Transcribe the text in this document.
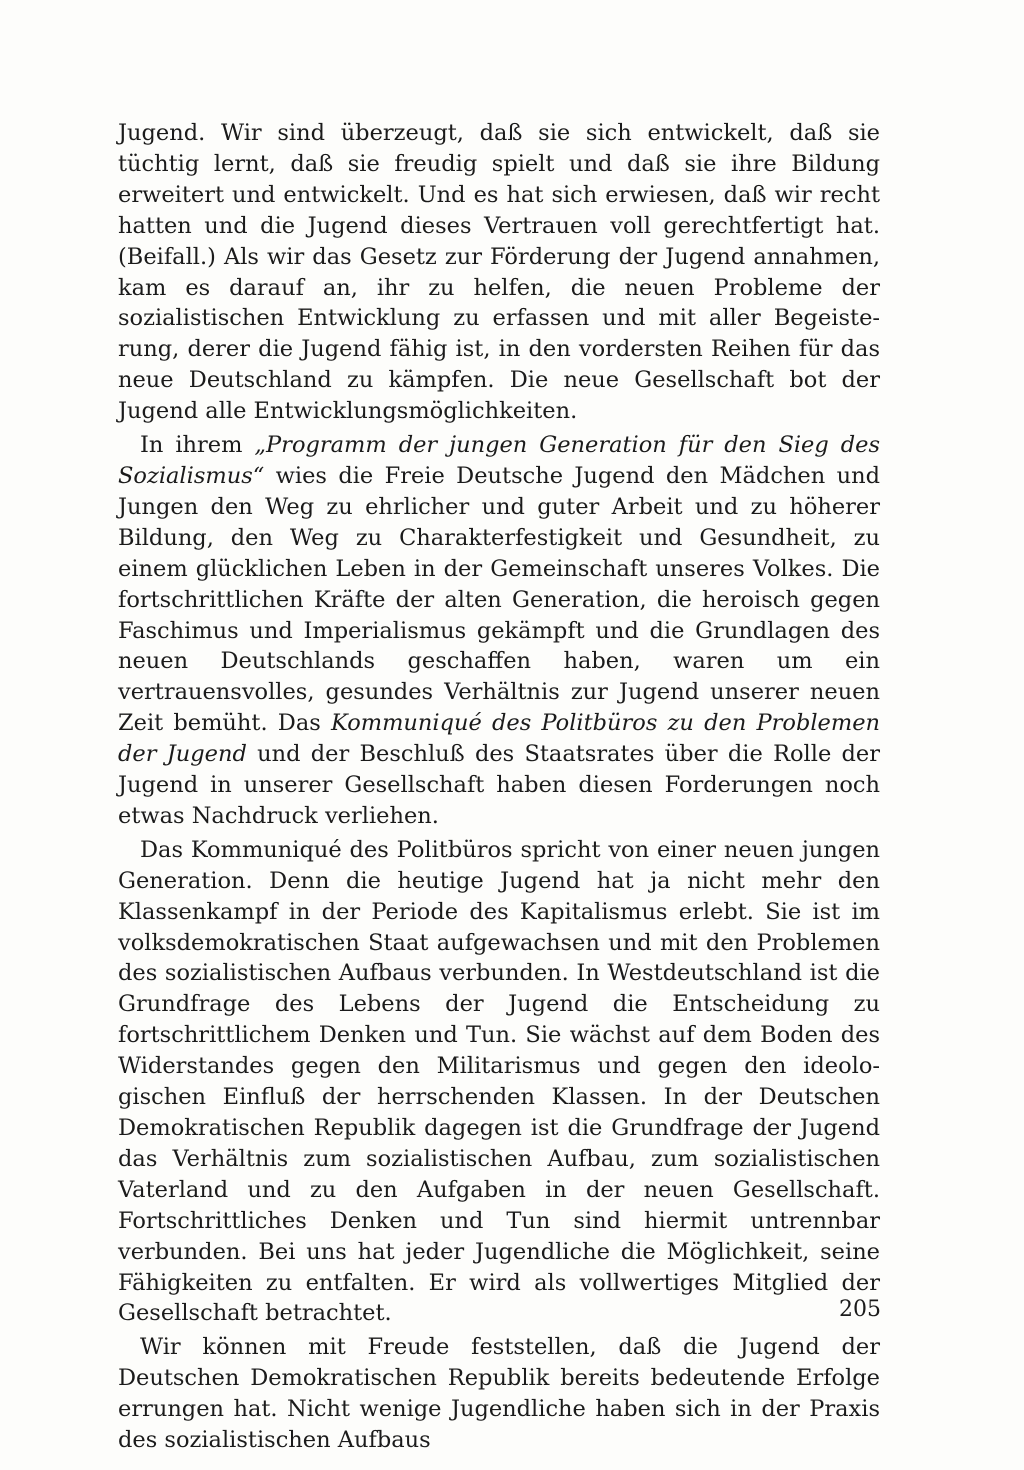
Jugend. Wir sind überzeugt, daß sie sich entwickelt, daß sie tüchtig lernt, daß sie freudig spielt und daß sie ihre Bildung erweitert und entwickelt. Und es hat sich erwiesen, daß wir recht hatten und die Jugend dieses Vertrauen voll gerechtfertigt hat. (Beifall.) Als wir das Gesetz zur Förderung der Jugend annahmen, kam es darauf an, ihr zu helfen, die neuen Probleme der sozialistischen Entwicklung zu erfassen und mit aller Begeisterung, derer die Jugend fähig ist, in den vordersten Reihen für das neue Deutschland zu kämpfen. Die neue Gesellschaft bot der Jugend alle Entwicklungsmöglichkeiten.

In ihrem „Programm der jungen Generation für den Sieg des Sozialismus“ wies die Freie Deutsche Jugend den Mädchen und Jungen den Weg zu ehrlicher und guter Arbeit und zu höherer Bildung, den Weg zu Charakterfestigkeit und Gesundheit, zu einem glücklichen Leben in der Gemeinschaft unseres Volkes. Die fortschrittlichen Kräfte der alten Generation, die heroisch gegen Faschimus und Imperialismus gekämpft und die Grundlagen des neuen Deutschlands geschaffen haben, waren um ein vertrauensvolles, gesundes Verhältnis zur Jugend unserer neuen Zeit bemüht. Das Kommuniqué des Politbüros zu den Problemen der Jugend und der Beschluß des Staatsrates über die Rolle der Jugend in unserer Gesellschaft haben diesen Forderungen noch etwas Nachdruck verliehen.

Das Kommuniqué des Politbüros spricht von einer neuen jungen Generation. Denn die heutige Jugend hat ja nicht mehr den Klassenkampf in der Periode des Kapitalismus erlebt. Sie ist im volksdemokratischen Staat aufgewachsen und mit den Problemen des sozialistischen Aufbaus verbunden. In Westdeutschland ist die Grundfrage des Lebens der Jugend die Entscheidung zu fortschrittlichem Denken und Tun. Sie wächst auf dem Boden des Widerstandes gegen den Militarismus und gegen den ideologischen Einfluß der herrschenden Klassen. In der Deutschen Demokratischen Republik dagegen ist die Grundfrage der Jugend das Verhältnis zum sozialistischen Aufbau, zum sozialistischen Vaterland und zu den Aufgaben in der neuen Gesellschaft. Fortschrittliches Denken und Tun sind hiermit untrennbar verbunden. Bei uns hat jeder Jugendliche die Möglichkeit, seine Fähigkeiten zu entfalten. Er wird als vollwertiges Mitglied der Gesellschaft betrachtet.

Wir können mit Freude feststellen, daß die Jugend der Deutschen Demokratischen Republik bereits bedeutende Erfolge errungen hat. Nicht wenige Jugendliche haben sich in der Praxis des sozialistischen Aufbaus

205
